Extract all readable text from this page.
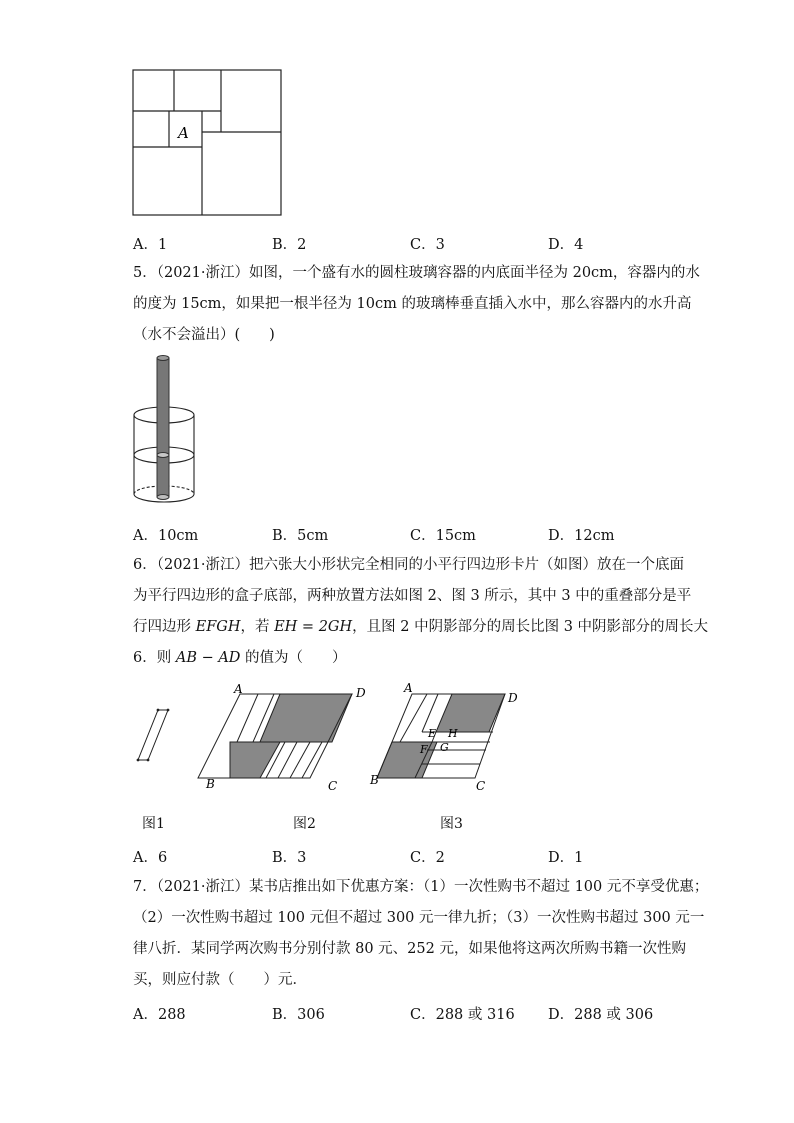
A
A．1	B．2	C．3	D．4
5．（2021·浙江）如图，一个盛有水的圆柱玻璃容器的内底面半径为 20cm，容器内的水
的度为 15cm，如果把一根半径为 10cm 的玻璃棒垂直插入水中，那么容器内的水升高
（水不会溢出）(　　)
A．10cm	B．5cm	C．15cm	D．12cm
6．（2021·浙江）把六张大小形状完全相同的小平行四边形卡片（如图）放在一个底面
为平行四边形的盒子底部，两种放置方法如图 2、图 3 所示，其中 3 中的重叠部分是平
行四边形 EFGH，若 EH = 2GH，且图 2 中阴影部分的周长比图 3 中阴影部分的周长大
6．则 AB − AD 的值为（　　）
A	D
B	C
A
D
B	C
E H
F G
图1	图2	图3
A．6	B．3	C．2	D．1
7．（2021·浙江）某书店推出如下优惠方案：（1）一次性购书不超过 100 元不享受优惠；
（2）一次性购书超过 100 元但不超过 300 元一律九折；（3）一次性购书超过 300 元一
律八折．某同学两次购书分别付款 80 元、252 元，如果他将这两次所购书籍一次性购
买，则应付款（　　）元．
A．288	B．306	C．288 或 316 D．288 或 306
